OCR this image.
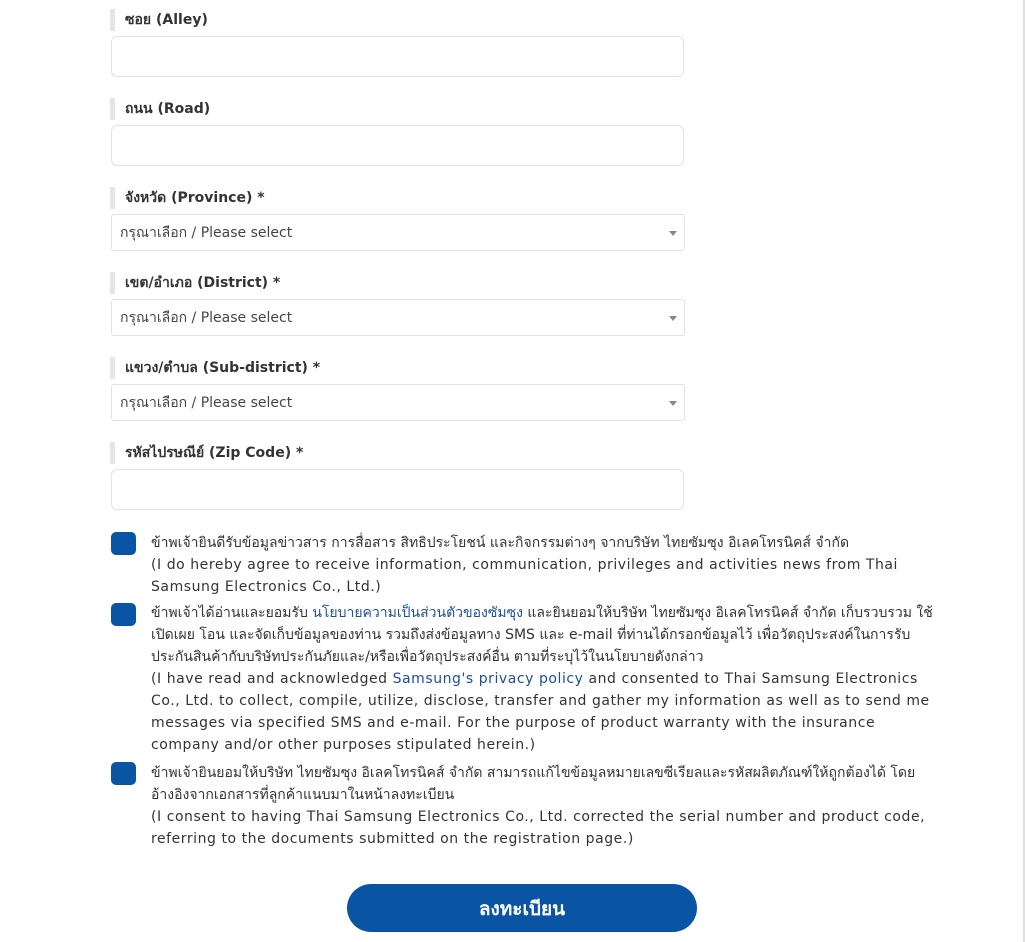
ซอย (Alley)
ถนน (Road)
จังหวัด (Province) *
กรุณาเลือก / Please select
เขต/อำเภอ (District) *
กรุณาเลือก / Please select
แขวง/ตำบล (Sub-district) *
กรุณาเลือก / Please select
รหัสไปรษณีย์ (Zip Code) *

ข้าพเจ้ายินดีรับข้อมูลข่าวสาร การสื่อสาร สิทธิประโยชน์ และกิจกรรมต่างๆ จากบริษัท ไทยซัมซุง อิเลคโทรนิคส์ จำกัด

(I do hereby agree to receive information, communication, privileges and activities news from Thai Samsung Electronics Co., Ltd.)

ข้าพเจ้าได้อ่านและยอมรับ นโยบายความเป็นส่วนตัวของซัมซุง และยินยอมให้บริษัท ไทยซัมซุง อิเลคโทรนิคส์ จำกัด เก็บรวบรวม ใช้ เปิดเผย โอน และจัดเก็บข้อมูลของท่าน รวมถึงส่งข้อมูลทาง SMS และ e-mail ที่ท่านได้กรอกข้อมูลไว้ เพื่อวัตถุประสงค์ในการรับประกันสินค้ากับบริษัทประกันภัยและ/หรือเพื่อวัตถุประสงค์อื่น ตามที่ระบุไว้ในนโยบายดังกล่าว

(I have read and acknowledged Samsung's privacy policy and consented to Thai Samsung Electronics Co., Ltd. to collect, compile, utilize, disclose, transfer and gather my information as well as to send me messages via specified SMS and e-mail. For the purpose of product warranty with the insurance company and/or other purposes stipulated herein.)

ข้าพเจ้ายินยอมให้บริษัท ไทยซัมซุง อิเลคโทรนิคส์ จำกัด สามารถแก้ไขข้อมูลหมายเลขซีเรียลและรหัสผลิตภัณฑ์ให้ถูกต้องได้ โดยอ้างอิงจากเอกสารที่ลูกค้าแนบมาในหน้าลงทะเบียน

(I consent to having Thai Samsung Electronics Co., Ltd. corrected the serial number and product code, referring to the documents submitted on the registration page.)

ลงทะเบียน
